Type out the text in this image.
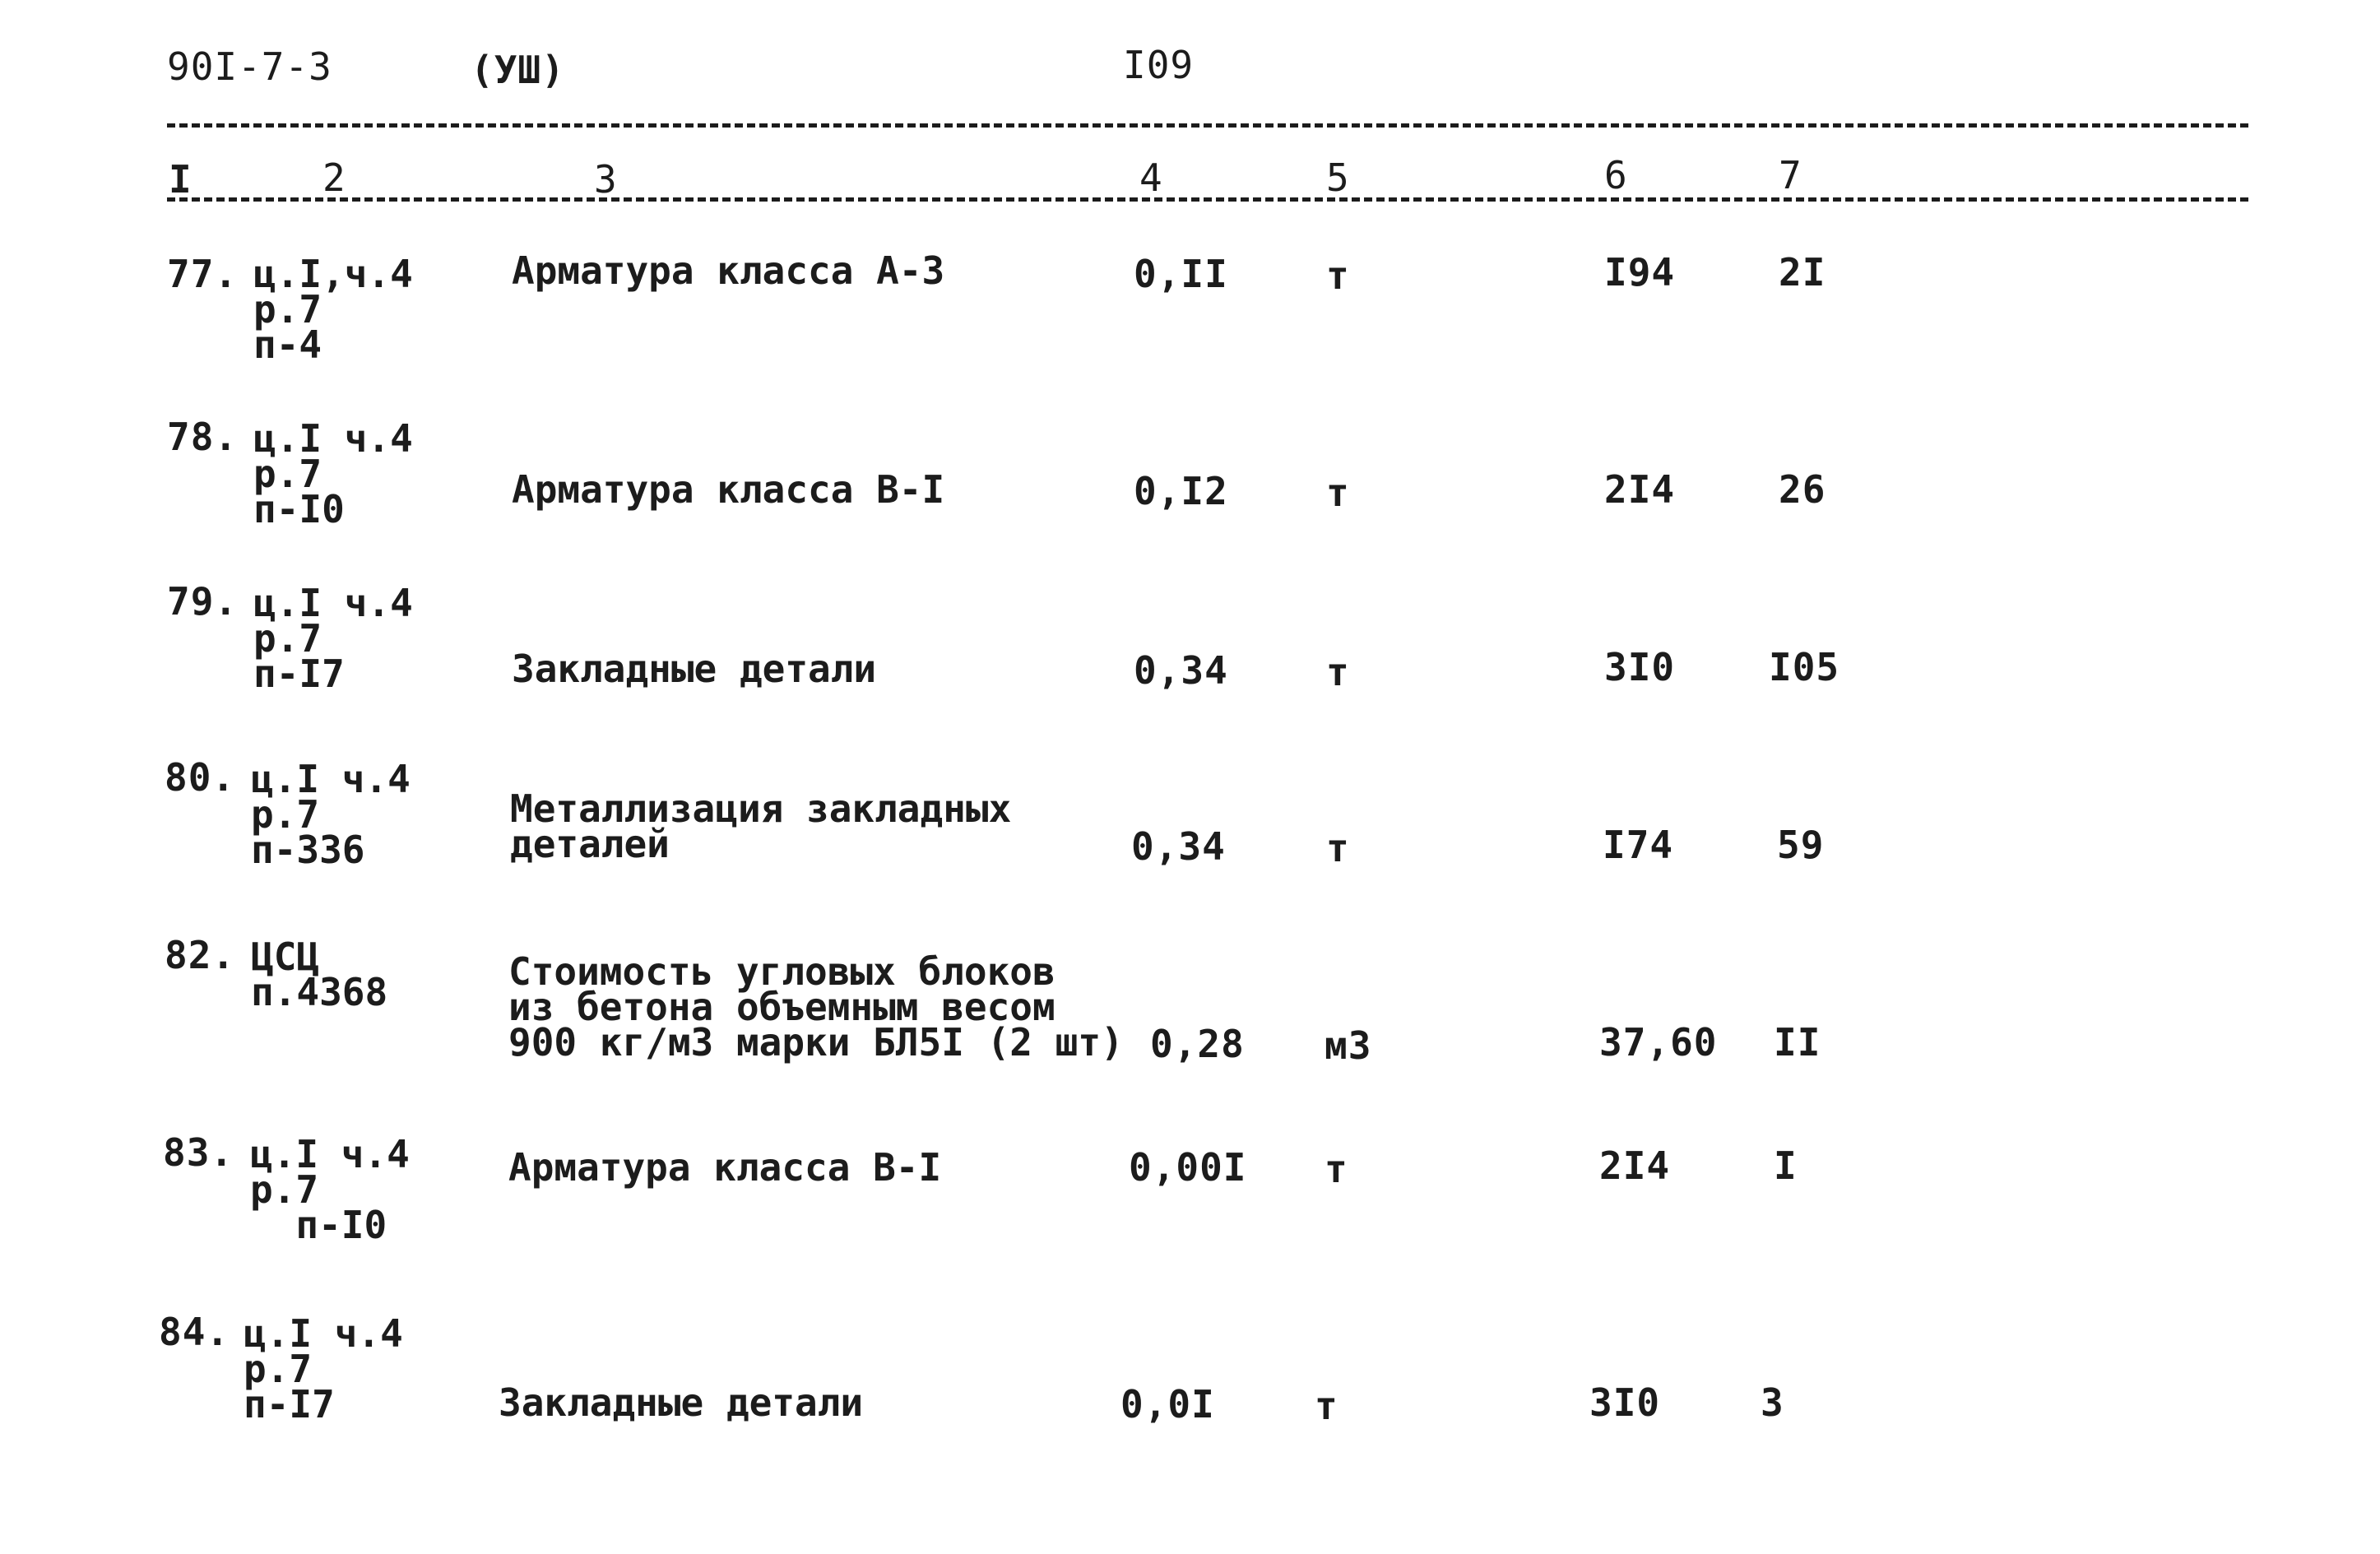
90I-7-3	(УШ)	I09
I	2	3	4	5	6	7
77. ц.I,ч.4
р.7
п-4
Арматура класса А-3	0,II	т	I94	2I
78. ц.I ч.4
р.7
п-I0	Арматура класса В-I	0,I2	т	2I4	26
79. ц.I ч.4
р.7
п-I7	Закладные детали	0,34	т	3I0 I05
80. ц.I ч.4
р.7
п-336
Металлизация закладных
деталей	0,34	т	I74	59
82. ЦСЦ
п.4368	Стоимость угловых блоков
из бетона объемным весом
900 кг/м3 марки БЛ5I (2 шт) 0,28 м3	37,60 II
83. ц.I ч.4
р.7
п-I0
Арматура класса В-I	0,00I т	2I4	I
84. ц.I ч.4
р.7
п-I7	Закладные детали	0,0I	т	3I0	3
